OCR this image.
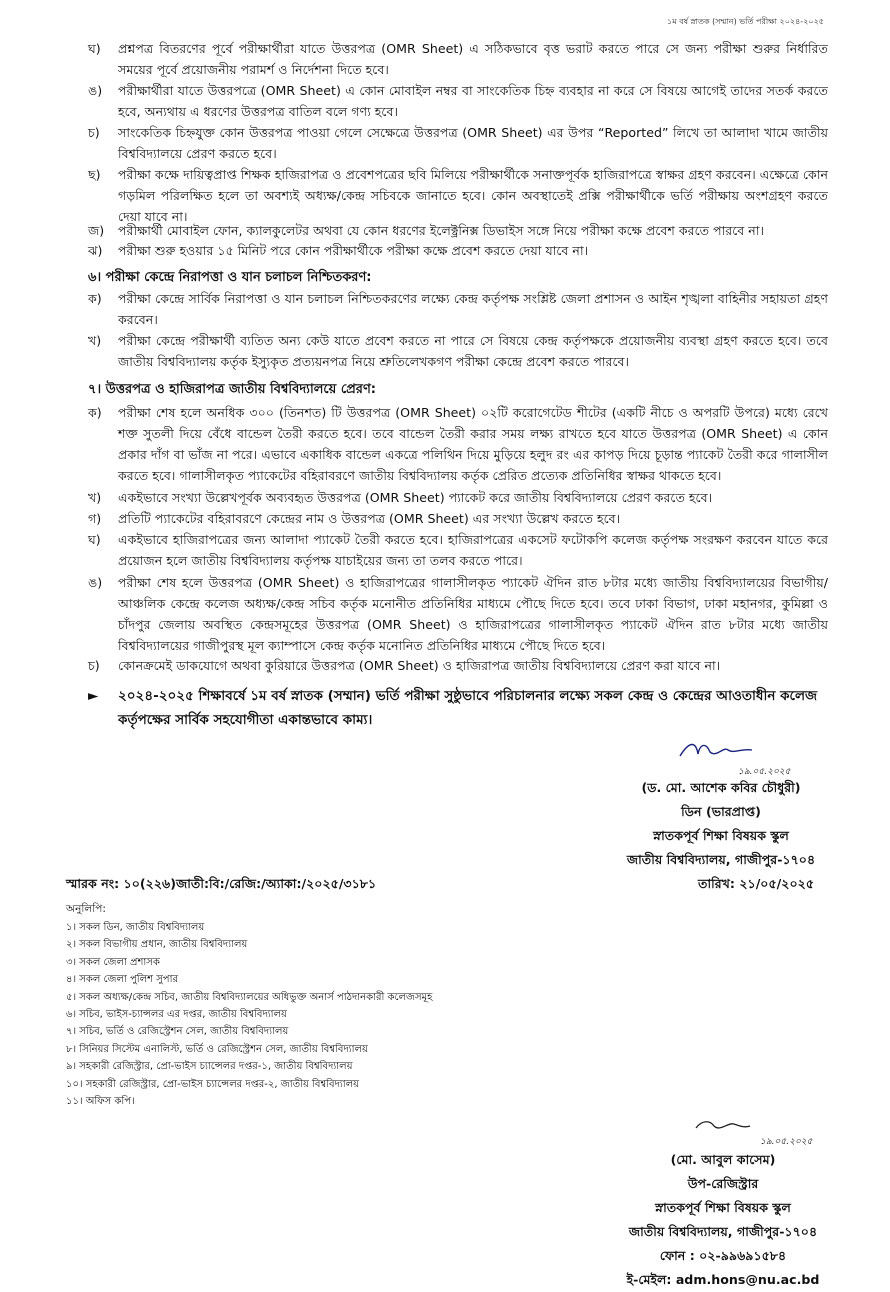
১ম বর্ষ স্নাতক (সম্মান) ভর্তি পরীক্ষা ২০২৪-২০২৫
ঘ)	প্রশ্নপত্র বিতরণের পূর্বে পরীক্ষার্থীরা যাতে উত্তরপত্র (OMR Sheet) এ সঠিকভাবে বৃত্ত ভরাট করতে পারে সে জন্য পরীক্ষা শুরুর নির্ধারিত সময়ের পূর্বে প্রয়োজনীয় পরামর্শ ও নির্দেশনা দিতে হবে।
ঙ)	পরীক্ষার্থীরা যাতে উত্তরপত্রে (OMR Sheet) এ কোন মোবাইল নম্বর বা সাংকেতিক চিহ্ন ব্যবহার না করে সে বিষয়ে আগেই তাদের সতর্ক করতে হবে, অন্যথায় এ ধরণের উত্তরপত্র বাতিল বলে গণ্য হবে।
চ)	সাংকেতিক চিহ্নযুক্ত কোন উত্তরপত্র পাওয়া গেলে সেক্ষেত্রে উত্তরপত্র (OMR Sheet) এর উপর “Reported” লিখে তা আলাদা খামে জাতীয় বিশ্ববিদ্যালয়ে প্রেরণ করতে হবে।
ছ)	পরীক্ষা কক্ষে দায়িত্বপ্রাপ্ত শিক্ষক হাজিরাপত্র ও প্রবেশপত্রের ছবি মিলিয়ে পরীক্ষার্থীকে সনাক্তপূর্বক হাজিরাপত্রে স্বাক্ষর গ্রহণ করবেন। এক্ষেত্রে কোন গড়মিল পরিলক্ষিত হলে তা অবশ্যই অধ্যক্ষ/কেন্দ্র সচিবকে জানাতে হবে। কোন অবস্থাতেই প্রক্সি পরীক্ষার্থীকে ভর্তি পরীক্ষায় অংশগ্রহণ করতে দেয়া যাবে না।
জ)	পরীক্ষার্থী মোবাইল ফোন, ক্যালকুলেটর অথবা যে কোন ধরণের ইলেক্ট্রনিক্স ডিভাইস সঙ্গে নিয়ে পরীক্ষা কক্ষে প্রবেশ করতে পারবে না।
ঝ)	পরীক্ষা শুরু হওয়ার ১৫ মিনিট পরে কোন পরীক্ষার্থীকে পরীক্ষা কক্ষে প্রবেশ করতে দেয়া যাবে না।
৬। পরীক্ষা কেন্দ্রে নিরাপত্তা ও যান চলাচল নিশ্চিতকরণ:
ক)	পরীক্ষা কেন্দ্রে সার্বিক নিরাপত্তা ও যান চলাচল নিশ্চিতকরণের লক্ষ্যে কেন্দ্র কর্তৃপক্ষ সংশ্লিষ্ট জেলা প্রশাসন ও আইন শৃঙ্খলা বাহিনীর সহায়তা গ্রহণ করবেন।
খ)	পরীক্ষা কেন্দ্রে পরীক্ষার্থী ব্যতিত অন্য কেউ যাতে প্রবেশ করতে না পারে সে বিষয়ে কেন্দ্র কর্তৃপক্ষকে প্রয়োজনীয় ব্যবস্থা গ্রহণ করতে হবে। তবে জাতীয় বিশ্ববিদ্যালয় কর্তৃক ইস্যুকৃত প্রত্যয়নপত্র নিয়ে শ্রুতিলেখকগণ পরীক্ষা কেন্দ্রে প্রবেশ করতে পারবে।
৭। উত্তরপত্র ও হাজিরাপত্র জাতীয় বিশ্ববিদ্যালয়ে প্রেরণ:
ক)	পরীক্ষা শেষ হলে অনধিক ৩০০ (তিনশত) টি উত্তরপত্র (OMR Sheet) ০২টি করোগেটেড শীটের (একটি নীচে ও অপরটি উপরে) মধ্যে রেখে শক্ত সুতলী দিয়ে বেঁধে বান্ডেল তৈরী করতে হবে। তবে বান্ডেল তৈরী করার সময় লক্ষ্য রাখতে হবে যাতে উত্তরপত্র (OMR Sheet) এ কোন প্রকার দাঁগ বা ভাঁজ না পরে। এভাবে একাধিক বান্ডেল একত্রে পলিথিন দিয়ে মুড়িয়ে হলুদ রং এর কাপড় দিয়ে চূড়ান্ত প্যাকেট তৈরী করে গালাসীল করতে হবে। গালাসীলকৃত প্যাকেটের বহিরাবরণে জাতীয় বিশ্ববিদ্যালয় কর্তৃক প্রেরিত প্রত্যেক প্রতিনিধির স্বাক্ষর থাকতে হবে।
খ)	একইভাবে সংখ্যা উল্লেখপূর্বক অব্যবহৃত উত্তরপত্র (OMR Sheet) প্যাকেট করে জাতীয় বিশ্ববিদ্যালয়ে প্রেরণ করতে হবে।
গ)	প্রতিটি প্যাকেটের বহিরাবরণে কেন্দ্রের নাম ও উত্তরপত্র (OMR Sheet) এর সংখ্যা উল্লেখ করতে হবে।
ঘ)	একইভাবে হাজিরাপত্রের জন্য আলাদা প্যাকেট তৈরী করতে হবে। হাজিরাপত্রের একসেট ফটোকপি কলেজ কর্তৃপক্ষ সংরক্ষণ করবেন যাতে করে প্রয়োজন হলে জাতীয় বিশ্ববিদ্যালয় কর্তৃপক্ষ যাচাইয়ের জন্য তা তলব করতে পারে।
ঙ)	পরীক্ষা শেষ হলে উত্তরপত্র (OMR Sheet) ও হাজিরাপত্রের গালাসীলকৃত প্যাকেট ঐদিন রাত ৮টার মধ্যে জাতীয় বিশ্ববিদ্যালয়ের বিভাগীয়/আঞ্চলিক কেন্দ্রে কলেজ অধ্যক্ষ/কেন্দ্র সচিব কর্তৃক মনোনীত প্রতিনিধির মাধ্যমে পৌছে দিতে হবে। তবে ঢাকা বিভাগ, ঢাকা মহানগর, কুমিল্লা ও চাঁদপুর জেলায় অবস্থিত কেন্দ্রসমূহের উত্তরপত্র (OMR Sheet) ও হাজিরাপত্রের গালাসীলকৃত প্যাকেট ঐদিন রাত ৮টার মধ্যে জাতীয় বিশ্ববিদ্যালয়ের গাজীপুরস্থ মূল ক্যাম্পাসে কেন্দ্র কর্তৃক মনোনিত প্রতিনিধির মাধ্যমে পৌছে দিতে হবে।
চ)	কোনক্রমেই ডাকযোগে অথবা কুরিয়ারে উত্তরপত্র (OMR Sheet) ও হাজিরাপত্র জাতীয় বিশ্ববিদ্যালয়ে প্রেরণ করা যাবে না।
► ২০২৪-২০২৫ শিক্ষাবর্ষে ১ম বর্ষ স্নাতক (সম্মান) ভর্তি পরীক্ষা সুষ্ঠুভাবে পরিচালনার লক্ষ্যে সকল কেন্দ্র ও কেন্দ্রের আওতাধীন কলেজ কর্তৃপক্ষের সার্বিক সহযোগীতা একান্তভাবে কাম্য।
১৯.০৫.২০২৫
(ড. মো. আশেক কবির চৌধুরী)
ডিন (ভারপ্রাপ্ত)
স্নাতকপূর্ব শিক্ষা বিষয়ক স্কুল
জাতীয় বিশ্ববিদ্যালয়, গাজীপুর-১৭০৪
স্মারক নং: ১০(২২৬)জাতী:বি:/রেজি:/অ্যাকা:/২০২৫/৩১৮১	তারিখ: ২১/০৫/২০২৫
অনুলিপি:
১। সকল ডিন, জাতীয় বিশ্ববিদ্যালয়
২। সকল বিভাগীয় প্রধান, জাতীয় বিশ্ববিদ্যালয়
৩। সকল জেলা প্রশাসক
৪। সকল জেলা পুলিশ সুপার
৫। সকল অধ্যক্ষ/কেন্দ্র সচিব, জাতীয় বিশ্ববিদ্যালয়ের অধিভুক্ত অনার্স পাঠদানকারী কলেজসমূহ
৬। সচিব, ভাইস-চ্যান্সলর এর দপ্তর, জাতীয় বিশ্ববিদ্যালয়
৭। সচিব, ভর্তি ও রেজিস্ট্রেশন সেল, জাতীয় বিশ্ববিদ্যালয়
৮। সিনিয়র সিস্টেম এনালিস্ট, ভর্তি ও রেজিস্ট্রেশন সেল, জাতীয় বিশ্ববিদ্যালয়
৯। সহকারী রেজিস্ট্রার, প্রো-ভাইস চ্যান্সেলর দপ্তর-১, জাতীয় বিশ্ববিদ্যালয়
১০। সহকারী রেজিস্ট্রার, প্রো-ভাইস চ্যান্সেলর দপ্তর-২, জাতীয় বিশ্ববিদ্যালয়
১১। অফিস কপি।
১৯.০৫.২০২৫
(মো. আবুল কাসেম)
উপ-রেজিস্ট্রার
স্নাতকপূর্ব শিক্ষা বিষয়ক স্কুল
জাতীয় বিশ্ববিদ্যালয়, গাজীপুর-১৭০৪
ফোন : ০২-৯৯৬৯১৫৮৪
ই-মেইল: adm.hons@nu.ac.bd
